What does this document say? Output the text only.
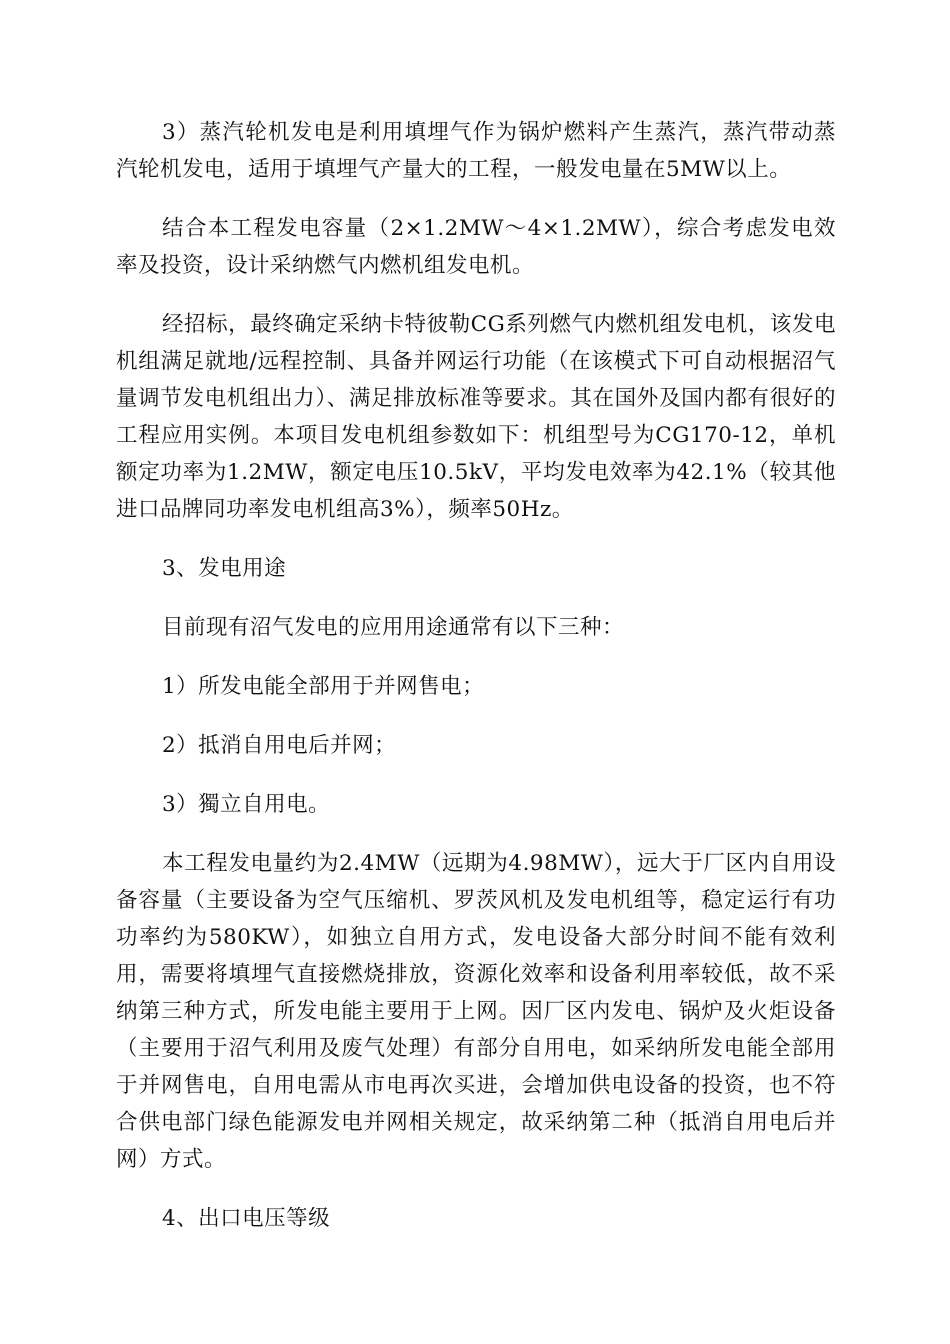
3）蒸汽轮机发电是利用填埋气作为锅炉燃料产生蒸汽，蒸汽带动蒸汽轮机发电，适用于填埋气产量大的工程，一般发电量在5MW以上。

结合本工程发电容量（2×1.2MW～4×1.2MW），综合考虑发电效率及投资，设计采纳燃气内燃机组发电机。

经招标，最终确定采纳卡特彼勒CG系列燃气内燃机组发电机，该发电机组满足就地/远程控制、具备并网运行功能（在该模式下可自动根据沼气量调节发电机组出力）、满足排放标准等要求。其在国外及国内都有很好的工程应用实例。本项目发电机组参数如下：机组型号为CG170-12，单机额定功率为1.2MW，额定电压10.5kV，平均发电效率为42.1%（较其他进口品牌同功率发电机组高3%），频率50Hz。

3、发电用途

目前现有沼气发电的应用用途通常有以下三种：

1）所发电能全部用于并网售电；

2）抵消自用电后并网；

3）獨立自用电。

本工程发电量约为2.4MW（远期为4.98MW），远大于厂区内自用设备容量（主要设备为空气压缩机、罗茨风机及发电机组等，稳定运行有功功率约为580KW），如独立自用方式，发电设备大部分时间不能有效利用，需要将填埋气直接燃烧排放，资源化效率和设备利用率较低，故不采纳第三种方式，所发电能主要用于上网。因厂区内发电、锅炉及火炬设备（主要用于沼气利用及废气处理）有部分自用电，如采纳所发电能全部用于并网售电，自用电需从市电再次买进，会增加供电设备的投资，也不符合供电部门绿色能源发电并网相关规定，故采纳第二种（抵消自用电后并网）方式。

4、出口电压等级
